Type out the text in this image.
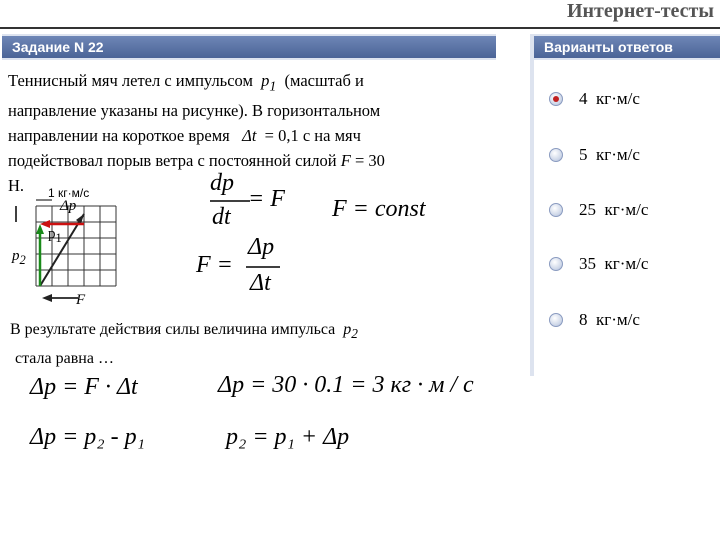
Интернет-тесты
Задание N 22	Варианты ответов
Теннисный мяч летел с импульсом $p_1$ (масштаб и
направление указаны на рисунке). В горизонтальном
направлении на короткое время Δt = 0,1 с на мяч
подействовал порыв ветра с постоянной силой F = 30
Н.	1 кг·м/с
Δp
$p_1$
$p_2$
F
dp
dt
= F F = const
F =
Δp
Δt
В результате действия силы величина импульса $p_2$
стала равна …
Δp = F · Δt	Δp = 30 · 0.1 = 3 кг · м / с
Δp = p₂ - p₁	p₂ = p₁ + Δp
4 кг·м/с
5 кг·м/с
25 кг·м/с
35 кг·м/с
8 кг·м/с
